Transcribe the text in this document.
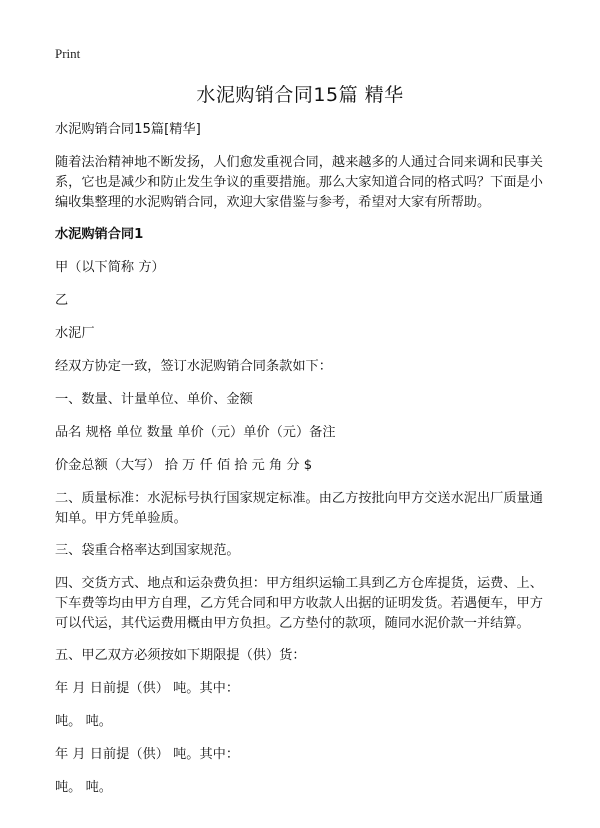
Print
水泥购销合同15篇 精华

水泥购销合同15篇[精华]

随着法治精神地不断发扬，人们愈发重视合同，越来越多的人通过合同来调和民事关系，它也是减少和防止发生争议的重要措施。那么大家知道合同的格式吗？下面是小编收集整理的水泥购销合同，欢迎大家借鉴与参考，希望对大家有所帮助。

水泥购销合同1

甲（以下简称 方）

乙

水泥厂

经双方协定一致，签订水泥购销合同条款如下：

一、数量、计量单位、单价、金额

品名 规格 单位 数量 单价（元）单价（元）备注

价金总额（大写） 拾 万 仟 佰 拾 元 角 分 $

二、质量标准：水泥标号执行国家规定标准。由乙方按批向甲方交送水泥出厂质量通知单。甲方凭单验质。

三、袋重合格率达到国家规范。

四、交货方式、地点和运杂费负担：甲方组织运输工具到乙方仓库提货，运费、上、下车费等均由甲方自理，乙方凭合同和甲方收款人出据的证明发货。若遇便车，甲方可以代运，其代运费用概由甲方负担。乙方垫付的款项，随同水泥价款一并结算。

五、甲乙双方必须按如下期限提（供）货：

年 月 日前提（供） 吨。其中：

吨。 吨。

年 月 日前提（供） 吨。其中：

吨。 吨。
